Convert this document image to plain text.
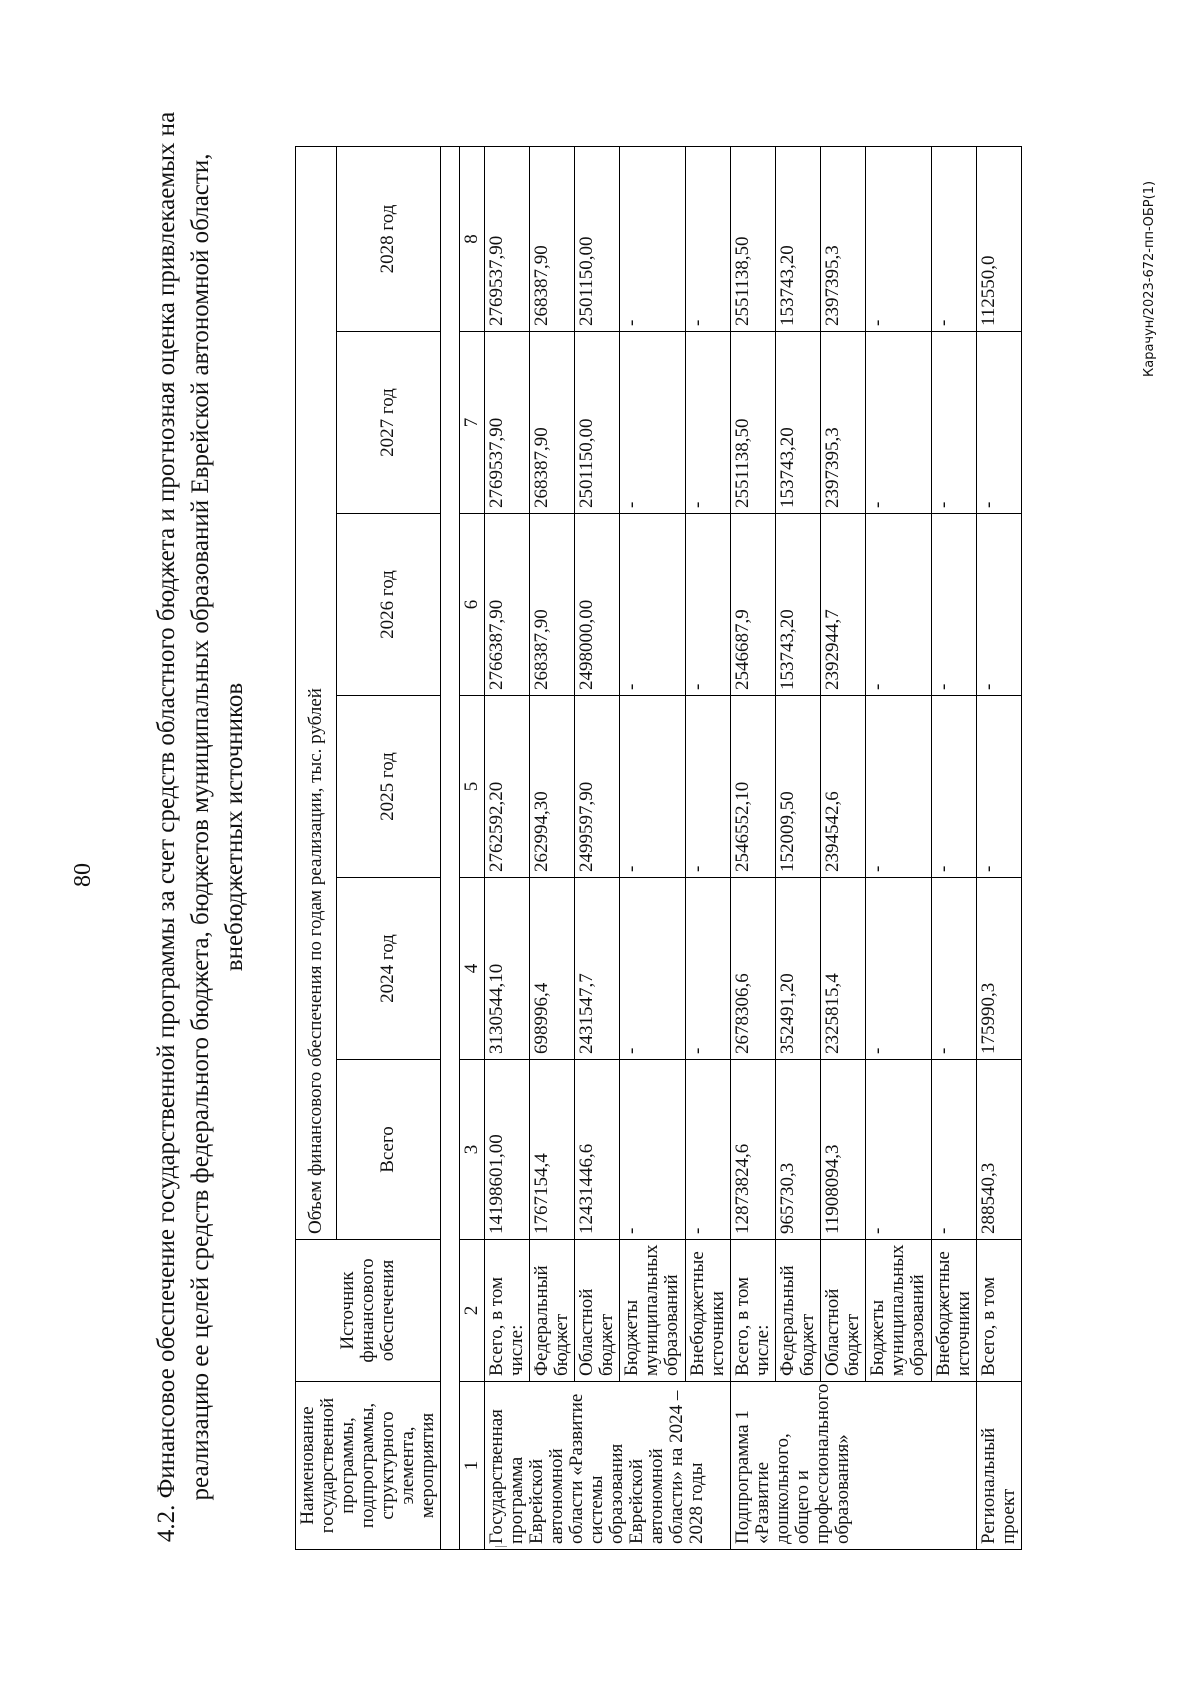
80 4.2. Финансовое обеспечение государственной программы за счет средств областного бюджета и прогнозная оценка привлекаемых на реализацию ее целей средств федерального бюджета, бюджетов муниципальных образований Еврейской автономной области, внебюджетных источников
Наименование государственной программы, подпрограммы, структурного элемента, мероприятия	Источник финансового обеспечения	Объем финансового обеспечения по годам реализации, тыс. рублей					
		Всего	2024 год	2025 год	2026 год	2027 год	2028 год

1	2	3	4	5	6	7	8
Государственная программа Еврейской автономной области «Развитие системы образования Еврейской автономной области» на 2024 – 2028 годы	Всего, в том числе:	14198601,00	3130544,10	2762592,20	2766387,90	2769537,90	2769537,90
	Федеральный бюджет	1767154,4	698996,4	262994,30	268387,90	268387,90	268387,90
	Областной бюджет	12431446,6	2431547,7	2499597,90	2498000,00	2501150,00	2501150,00
	Бюджеты муниципальных образований	-	-	-	-	-	-
	Внебюджетные источники	-	-	-	-	-	-
Подпрограмма 1 «Развитие дошкольного, общего и профессионального образования»	Всего, в том числе:	12873824,6	2678306,6	2546552,10	2546687,9	2551138,50	2551138,50
	Федеральный бюджет	965730,3	352491,20	152009,50	153743,20	153743,20	153743,20
	Областной бюджет	11908094,3	2325815,4	2394542,6	2392944,7	2397395,3	2397395,3
	Бюджеты муниципальных образований	-	-	-	-	-	-
	Внебюджетные источники	-	-	-	-	-	-
Региональный проект	Всего, в том	288540,3	175990,3	-	-	-	112550,0	Карачун/2023-672-пп-ОБР(1)
